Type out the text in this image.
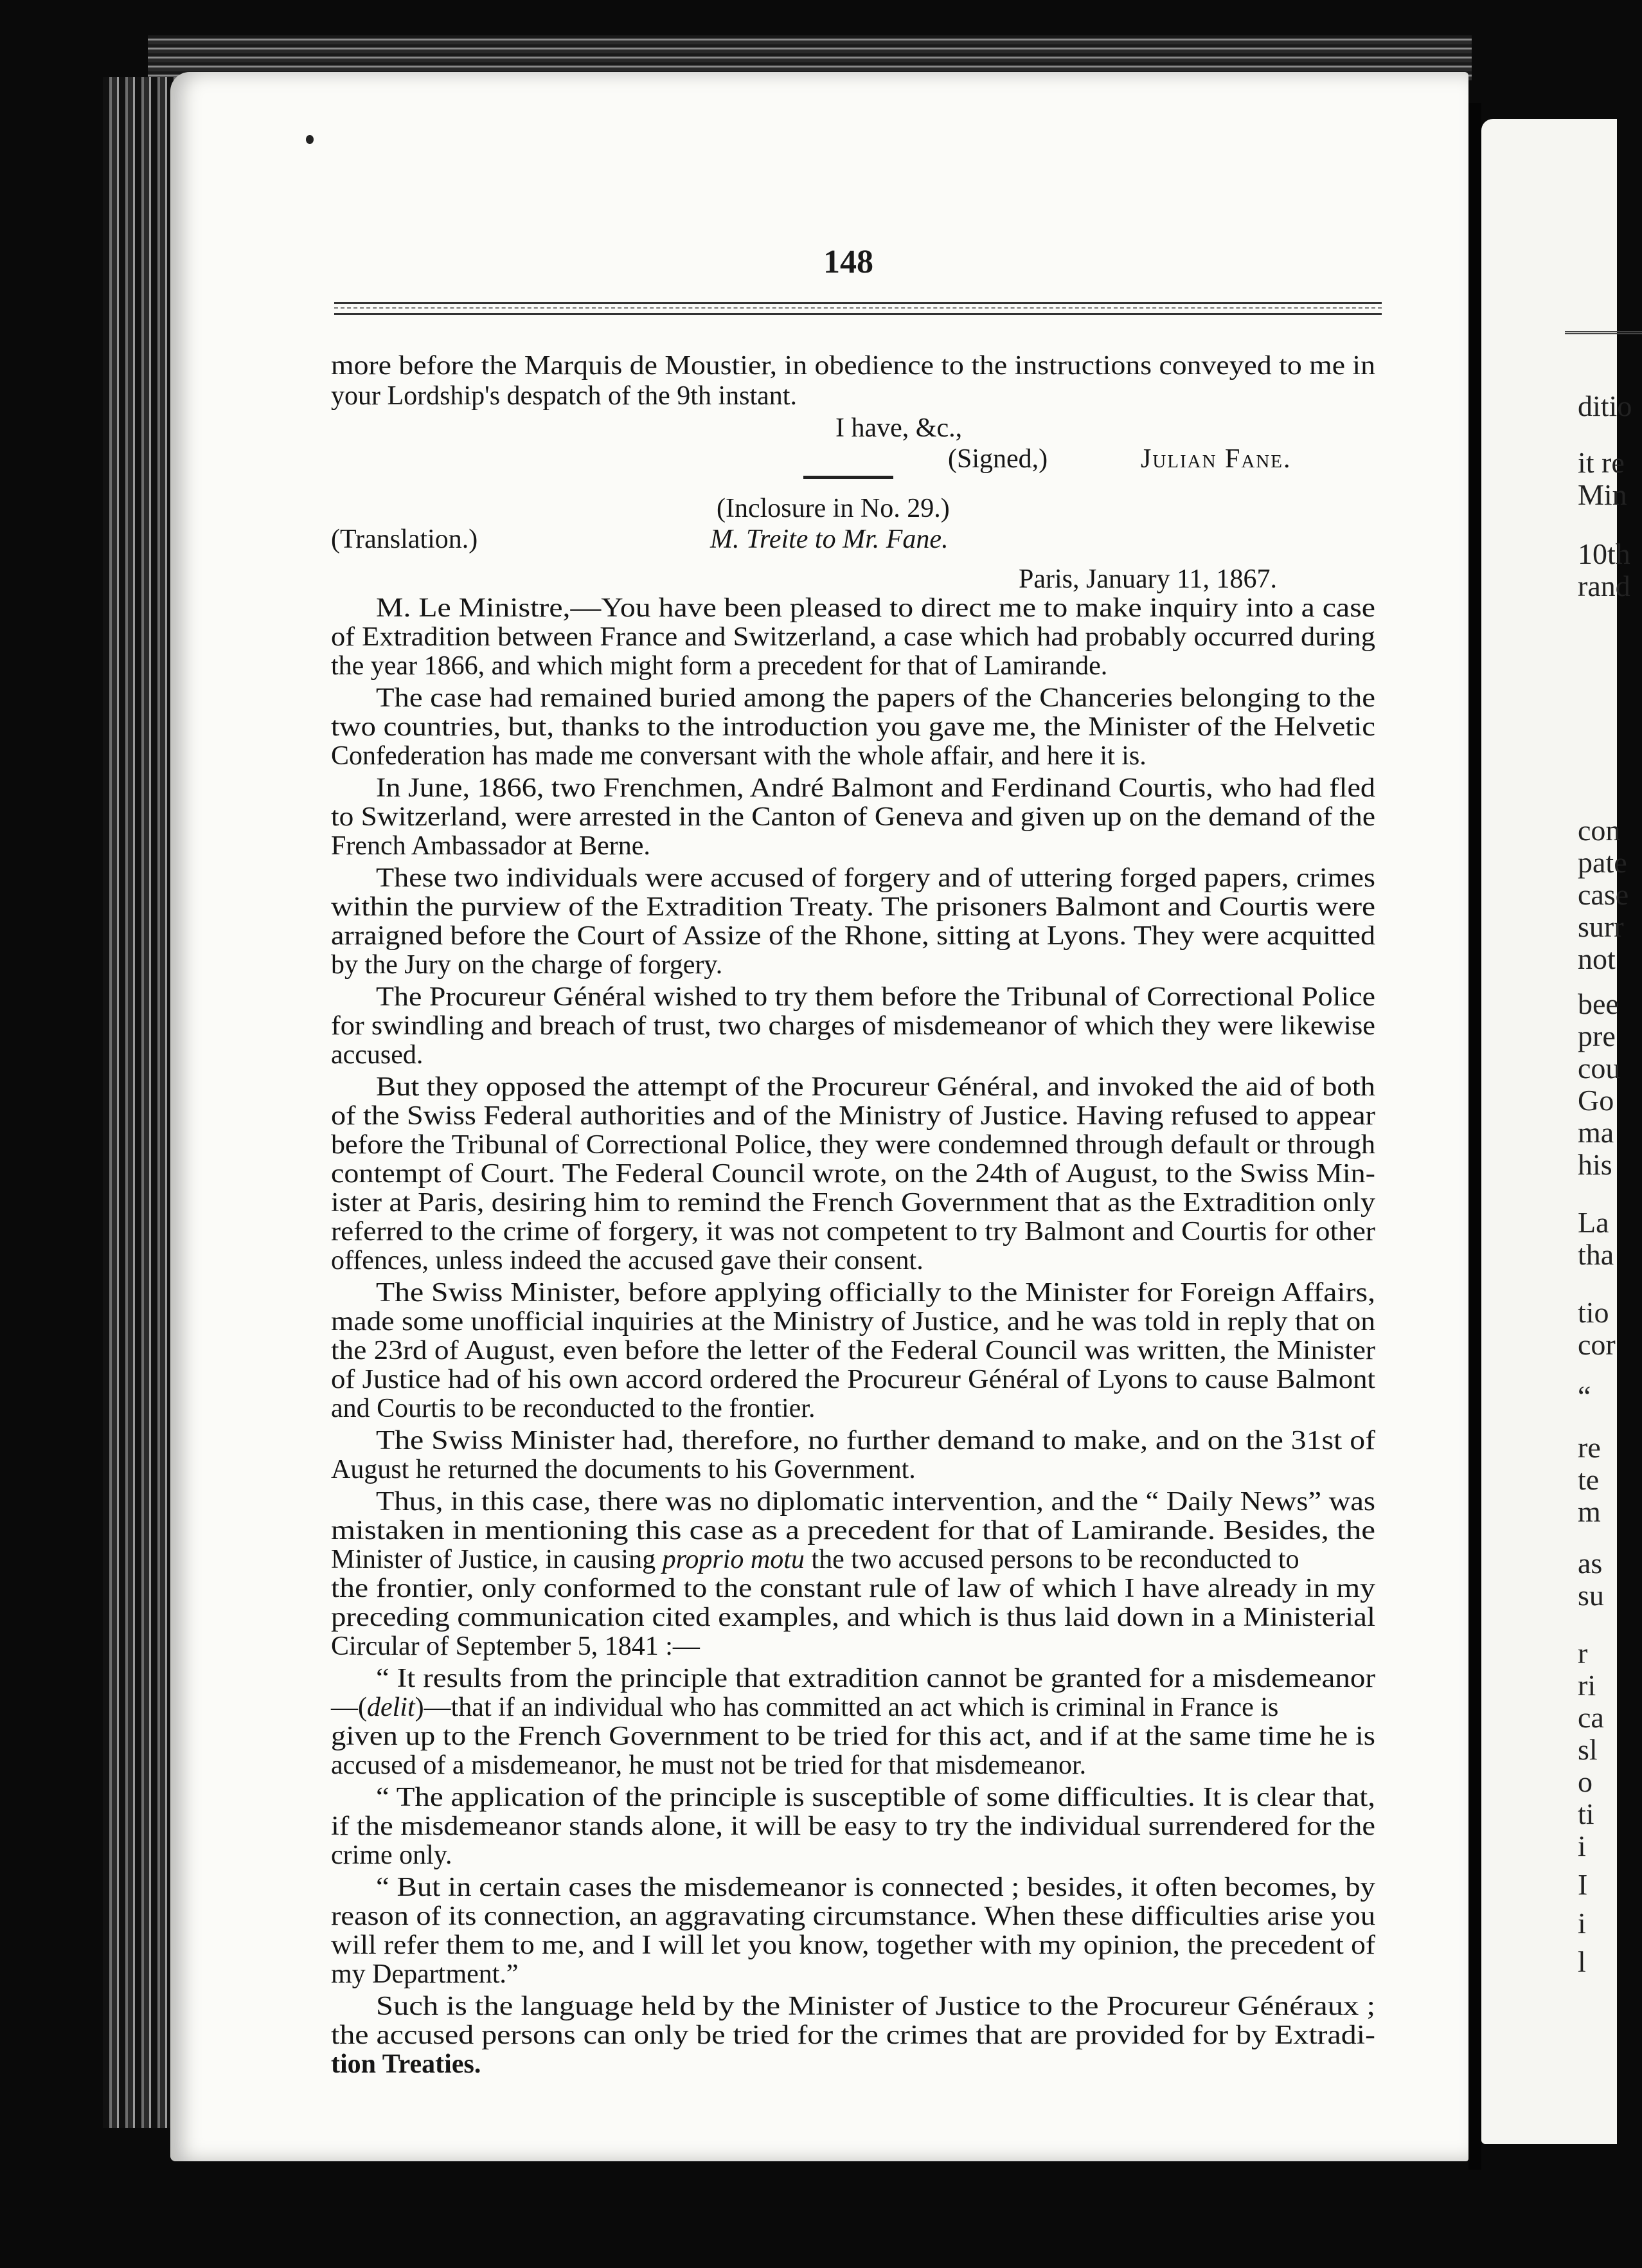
ditio
it re
Min
10th
rand
con
pate
case
surr
not
bee
pre
cou
Go
ma
his
La
tha
tio
cor
“
re
te
m
as
su
r
ri
ca
sl
o
ti
i
I
i
l
148
more before the Marquis de Moustier, in obedience to the instructions conveyed to me in
your Lordship's despatch of the 9th instant.
I have, &c.,
(Signed,)	Julian Fane.
(Inclosure in No. 29.)
(Translation.)	M. Treite to Mr. Fane.
Paris, January 11, 1867.
M. Le Ministre,—You have been pleased to direct me to make inquiry into a case
of Extradition between France and Switzerland, a case which had probably occurred during
the year 1866, and which might form a precedent for that of Lamirande.
The case had remained buried among the papers of the Chanceries belonging to the
two countries, but, thanks to the introduction you gave me, the Minister of the Helvetic
Confederation has made me conversant with the whole affair, and here it is.
In June, 1866, two Frenchmen, André Balmont and Ferdinand Courtis, who had fled
to Switzerland, were arrested in the Canton of Geneva and given up on the demand of the
French Ambassador at Berne.
These two individuals were accused of forgery and of uttering forged papers, crimes
within the purview of the Extradition Treaty. The prisoners Balmont and Courtis were
arraigned before the Court of Assize of the Rhone, sitting at Lyons. They were acquitted
by the Jury on the charge of forgery.
The Procureur Général wished to try them before the Tribunal of Correctional Police
for swindling and breach of trust, two charges of misdemeanor of which they were likewise
accused.
But they opposed the attempt of the Procureur Général, and invoked the aid of both
of the Swiss Federal authorities and of the Ministry of Justice. Having refused to appear
before the Tribunal of Correctional Police, they were condemned through default or through
contempt of Court. The Federal Council wrote, on the 24th of August, to the Swiss Min-
ister at Paris, desiring him to remind the French Government that as the Extradition only
referred to the crime of forgery, it was not competent to try Balmont and Courtis for other
offences, unless indeed the accused gave their consent.
The Swiss Minister, before applying officially to the Minister for Foreign Affairs,
made some unofficial inquiries at the Ministry of Justice, and he was told in reply that on
the 23rd of August, even before the letter of the Federal Council was written, the Minister
of Justice had of his own accord ordered the Procureur Général of Lyons to cause Balmont
and Courtis to be reconducted to the frontier.
The Swiss Minister had, therefore, no further demand to make, and on the 31st of
August he returned the documents to his Government.
Thus, in this case, there was no diplomatic intervention, and the “ Daily News” was
mistaken in mentioning this case as a precedent for that of Lamirande. Besides, the
Minister of Justice, in causing proprio motu the two accused persons to be reconducted to
the frontier, only conformed to the constant rule of law of which I have already in my
preceding communication cited examples, and which is thus laid down in a Ministerial
Circular of September 5, 1841 :—
“ It results from the principle that extradition cannot be granted for a misdemeanor
—(delit)—that if an individual who has committed an act which is criminal in France is
given up to the French Government to be tried for this act, and if at the same time he is
accused of a misdemeanor, he must not be tried for that misdemeanor.
“ The application of the principle is susceptible of some difficulties. It is clear that,
if the misdemeanor stands alone, it will be easy to try the individual surrendered for the
crime only.
“ But in certain cases the misdemeanor is connected ; besides, it often becomes, by
reason of its connection, an aggravating circumstance. When these difficulties arise you
will refer them to me, and I will let you know, together with my opinion, the precedent of
my Department.”
Such is the language held by the Minister of Justice to the Procureur Généraux ;
the accused persons can only be tried for the crimes that are provided for by Extradi-
tion Treaties.
